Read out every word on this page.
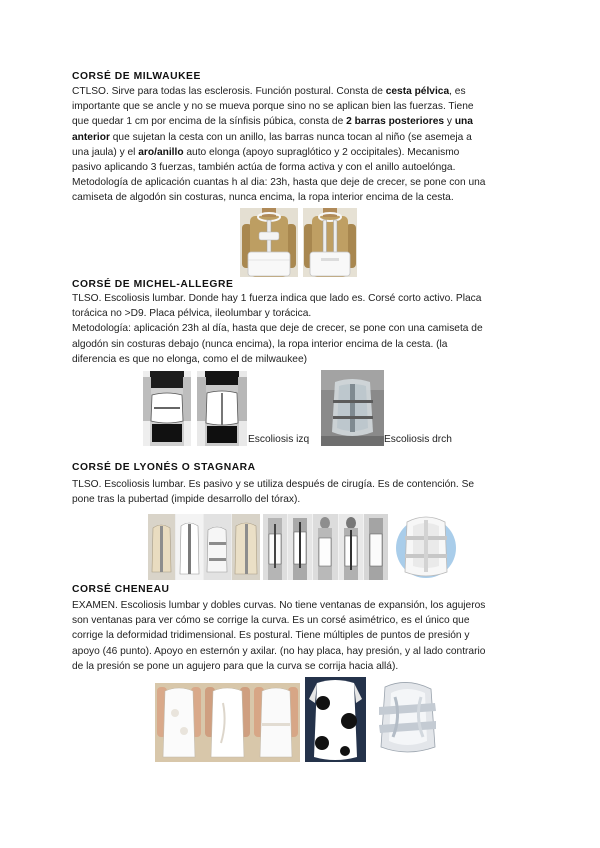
CORSÉ DE MILWAUKEE
CTLSO. Sirve para todas las esclerosis. Función postural. Consta de cesta pélvica, es
importante que se ancle y no se mueva porque sino no se aplican bien las fuerzas. Tiene
que quedar 1 cm por encima de la sínfisis púbica, consta de 2 barras posteriores y una
anterior que sujetan la cesta con un anillo, las barras nunca tocan al niño (se asemeja a
una jaula) y el aro/anillo auto elonga (apoyo supraglótico y 2 occipitales). Mecanismo
pasivo aplicando 3 fuerzas, también actúa de forma activa y con el anillo autoelónga.
Metodología de aplicación cuantas h al dia: 23h, hasta que deje de crecer, se pone con una
camiseta de algodón sin costuras, nunca encima, la ropa interior encima de la cesta.
CORSÉ DE MICHEL-ALLEGRE
TLSO. Escoliosis lumbar. Donde hay 1 fuerza indica que lado es. Corsé corto activo. Placa
torácica no >D9. Placa pélvica, ileolumbar y torácica.
Metodología: aplicación 23h al día, hasta que deje de crecer, se pone con una camiseta de
algodón sin costuras debajo (nunca encima), la ropa interior encima de la cesta. (la
diferencia es que no elonga, como el de milwaukee)
Escoliosis izq	Escoliosis drch
CORSÉ DE LYONÉS O STAGNARA
TLSO. Escoliosis lumbar. Es pasivo y se utiliza después de cirugía. Es de contención. Se
pone tras la pubertad (impide desarrollo del tórax).
CORSÉ CHENEAU
EXAMEN. Escoliosis lumbar y dobles curvas. No tiene ventanas de expansión, los agujeros
son ventanas para ver cómo se corrige la curva. Es un corsé asimétrico, es el único que
corrige la deformidad tridimensional. Es postural. Tiene múltiples de puntos de presión y
apoyo (46 punto). Apoyo en esternón y axilar. (no hay placa, hay presión, y al lado contrario
de la presión se pone un agujero para que la curva se corrija hacia allá).
